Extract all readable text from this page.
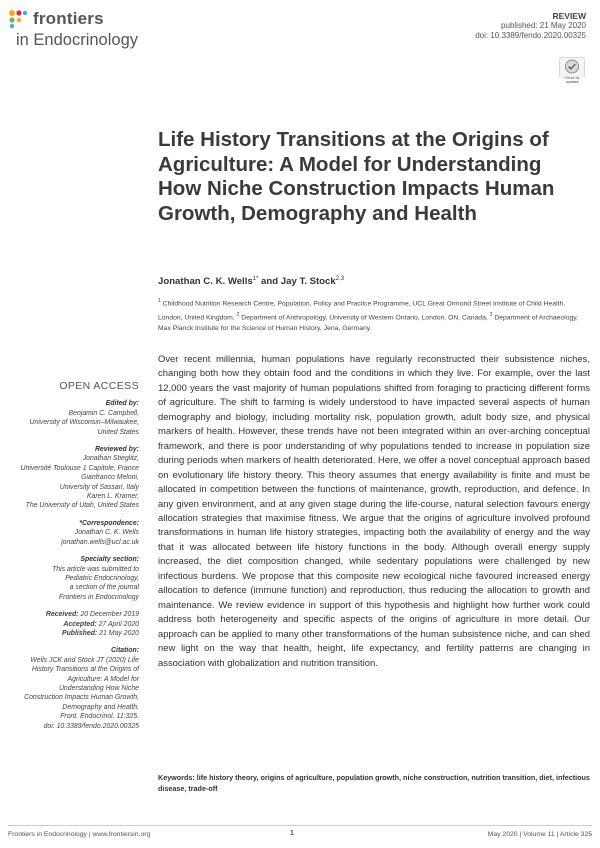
frontiers
in Endocrinology
REVIEW
published: 21 May 2020
doi: 10.3389/fendo.2020.00325
Check for updates
Life History Transitions at the Origins of Agriculture: A Model for Understanding How Niche Construction Impacts Human Growth, Demography and Health
Jonathan C. K. Wells$^{1*}$ and Jay T. Stock$^{2,3}$
$^1$ Childhood Nutrition Research Centre, Population, Policy and Practice Programme, UCL Great Ormond Street Institute of Child Health, London, United Kingdom, $^2$ Department of Anthropology, University of Western Ontario, London, ON, Canada, $^3$ Department of Archaeology, Max Planck Institute for the Science of Human History, Jena, Germany
OPEN ACCESS
Edited by:
Benjamin C. Campbell,
University of Wisconsin–Milwaukee,
United States
Reviewed by:
Jonathan Stieglitz,
Université Toulouse 1 Capitole, France
Gianfranco Meloni,
University of Sassari, Italy
Karen L. Kramer,
The University of Utah, United States
*Correspondence:
Jonathan C. K. Wells
jonathan.wells@ucl.ac.uk
Specialty section:
This article was submitted to
Pediatric Endocrinology,
a section of the journal
Frontiers in Endocrinology
Received: 20 December 2019
Accepted: 27 April 2020
Published: 21 May 2020
Citation:
Wells JCK and Stock JT (2020) Life
History Transitions at the Origins of
Agriculture: A Model for
Understanding How Niche
Construction Impacts Human Growth,
Demography and Health.
Front. Endocrinol. 11:325.
doi: 10.3389/fendo.2020.00325

Over recent millennia, human populations have regularly reconstructed their subsistence niches, changing both how they obtain food and the conditions in which they live. For example, over the last 12,000 years the vast majority of human populations shifted from foraging to practicing different forms of agriculture. The shift to farming is widely understood to have impacted several aspects of human demography and biology, including mortality risk, population growth, adult body size, and physical markers of health. However, these trends have not been integrated within an over-arching conceptual framework, and there is poor understanding of why populations tended to increase in population size during periods when markers of health deteriorated. Here, we offer a novel conceptual approach based on evolutionary life history theory. This theory assumes that energy availability is finite and must be allocated in competition between the functions of maintenance, growth, reproduction, and defence. In any given environment, and at any given stage during the life-course, natural selection favours energy allocation strategies that maximise fitness. We argue that the origins of agriculture involved profound transformations in human life history strategies, impacting both the availability of energy and the way that it was allocated between life history functions in the body. Although overall energy supply increased, the diet composition changed, while sedentary populations were challenged by new infectious burdens. We propose that this composite new ecological niche favoured increased energy allocation to defence (immune function) and reproduction, thus reducing the allocation to growth and maintenance. We review evidence in support of this hypothesis and highlight how further work could address both heterogeneity and specific aspects of the origins of agriculture in more detail. Our approach can be applied to many other transformations of the human subsistence niche, and can shed new light on the way that health, height, life expectancy, and fertility patterns are changing in association with globalization and nutrition transition.

Keywords: life history theory, origins of agriculture, population growth, niche construction, nutrition transition, diet, infectious disease, trade-off
Frontiers in Endocrinology | www.frontiersin.org	1	May 2020 | Volume 11 | Article 325
